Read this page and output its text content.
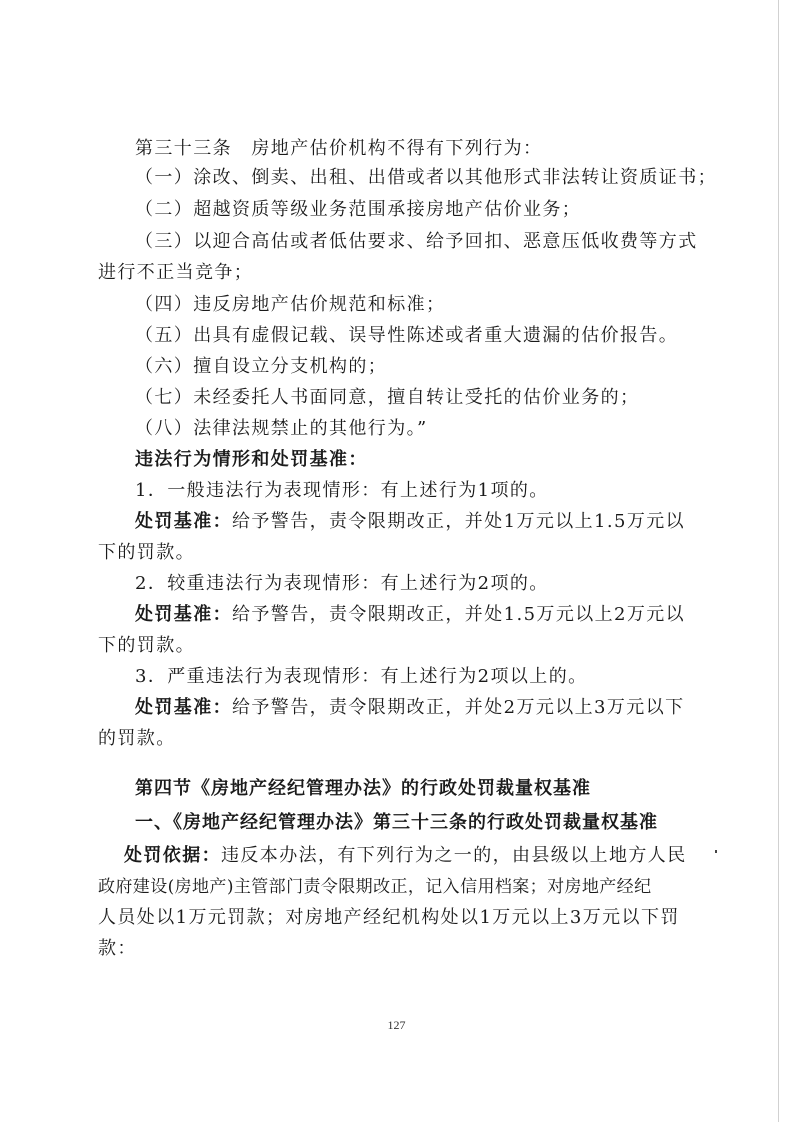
第三十三条　房地产估价机构不得有下列行为：
（一）涂改、倒卖、出租、出借或者以其他形式非法转让资质证书；
（二）超越资质等级业务范围承接房地产估价业务；
（三）以迎合高估或者低估要求、给予回扣、恶意压低收费等方式
进行不正当竞争；
（四）违反房地产估价规范和标准；
（五）出具有虚假记载、误导性陈述或者重大遗漏的估价报告。
（六）擅自设立分支机构的；
（七）未经委托人书面同意，擅自转让受托的估价业务的；
（八）法律法规禁止的其他行为。”
违法行为情形和处罚基准：
1．一般违法行为表现情形：有上述行为1项的。
处罚基准：给予警告，责令限期改正，并处1万元以上1.5万元以
下的罚款。
2．较重违法行为表现情形：有上述行为2项的。
处罚基准：给予警告，责令限期改正，并处1.5万元以上2万元以
下的罚款。
3．严重违法行为表现情形：有上述行为2项以上的。
处罚基准：给予警告，责令限期改正，并处2万元以上3万元以下
的罚款。
第四节《房地产经纪管理办法》的行政处罚裁量权基准
一、《房地产经纪管理办法》第三十三条的行政处罚裁量权基准
处罚依据：违反本办法，有下列行为之一的，由县级以上地方人民
政府建设(房地产)主管部门责令限期改正，记入信用档案；对房地产经纪
人员处以1万元罚款；对房地产经纪机构处以1万元以上3万元以下罚
款：
127
